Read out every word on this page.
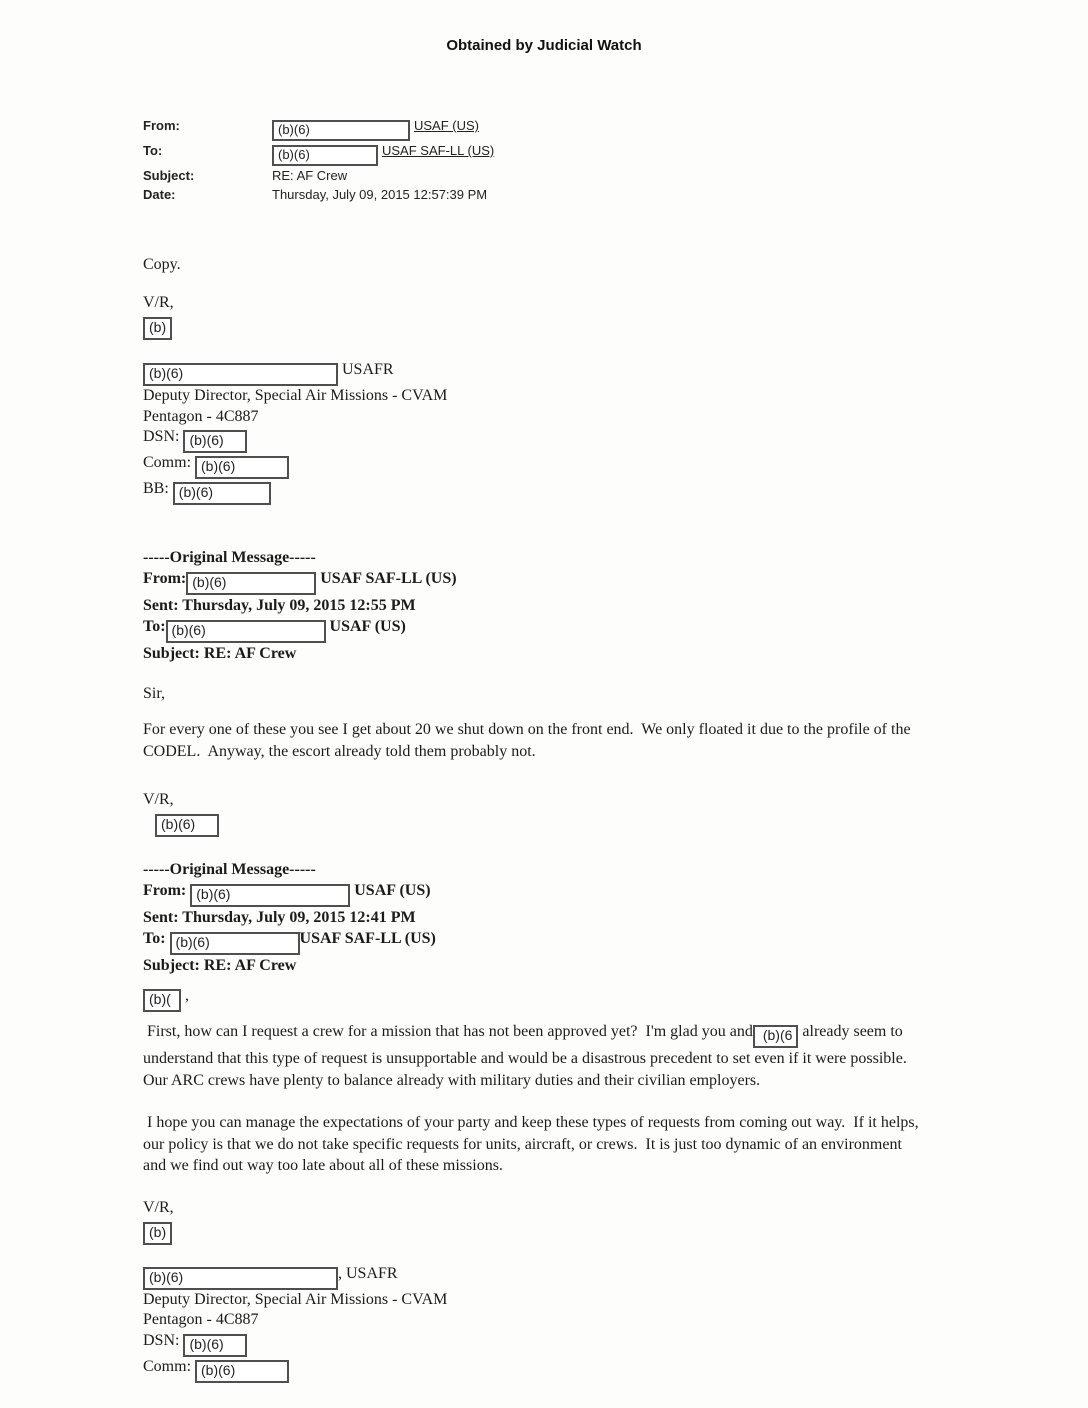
Obtained by Judicial Watch
From:	(b)(6)	USAF (US)
To:	(b)(6)	USAF SAF-LL (US)
Subject:	RE: AF Crew
Date:	Thursday, July 09, 2015 12:57:39 PM
Copy.
V/R,
(b)
(b)(6)	USAFR
Deputy Director, Special Air Missions - CVAM
Pentagon - 4C887
DSN: (b)(6)
Comm: (b)(6)
BB: (b)(6)
-----Original Message-----
From: (b)(6)	USAF SAF-LL (US)
Sent: Thursday, July 09, 2015 12:55 PM
To: (b)(6)	USAF (US)
Subject: RE: AF Crew
Sir,
For every one of these you see I get about 20 we shut down on the front end.  We only floated it due to the profile of the CODEL.  Anyway, the escort already told them probably not.
V/R,
(b)(6)
-----Original Message-----
From: (b)(6)	USAF (US)
Sent: Thursday, July 09, 2015 12:41 PM
To: (b)(6)	USAF SAF-LL (US)
Subject: RE: AF Crew
(b)( ,
First, how can I request a crew for a mission that has not been approved yet?  I'm glad you and (b)(6 already seem to understand that this type of request is unsupportable and would be a disastrous precedent to set even if it were possible.  Our ARC crews have plenty to balance already with military duties and their civilian employers.
I hope you can manage the expectations of your party and keep these types of requests from coming out way.  If it helps, our policy is that we do not take specific requests for units, aircraft, or crews.  It is just too dynamic of an environment and we find out way too late about all of these missions.
V/R,
(b)
(b)(6)	, USAFR
Deputy Director, Special Air Missions - CVAM
Pentagon - 4C887
DSN: (b)(6)
Comm: (b)(6)
